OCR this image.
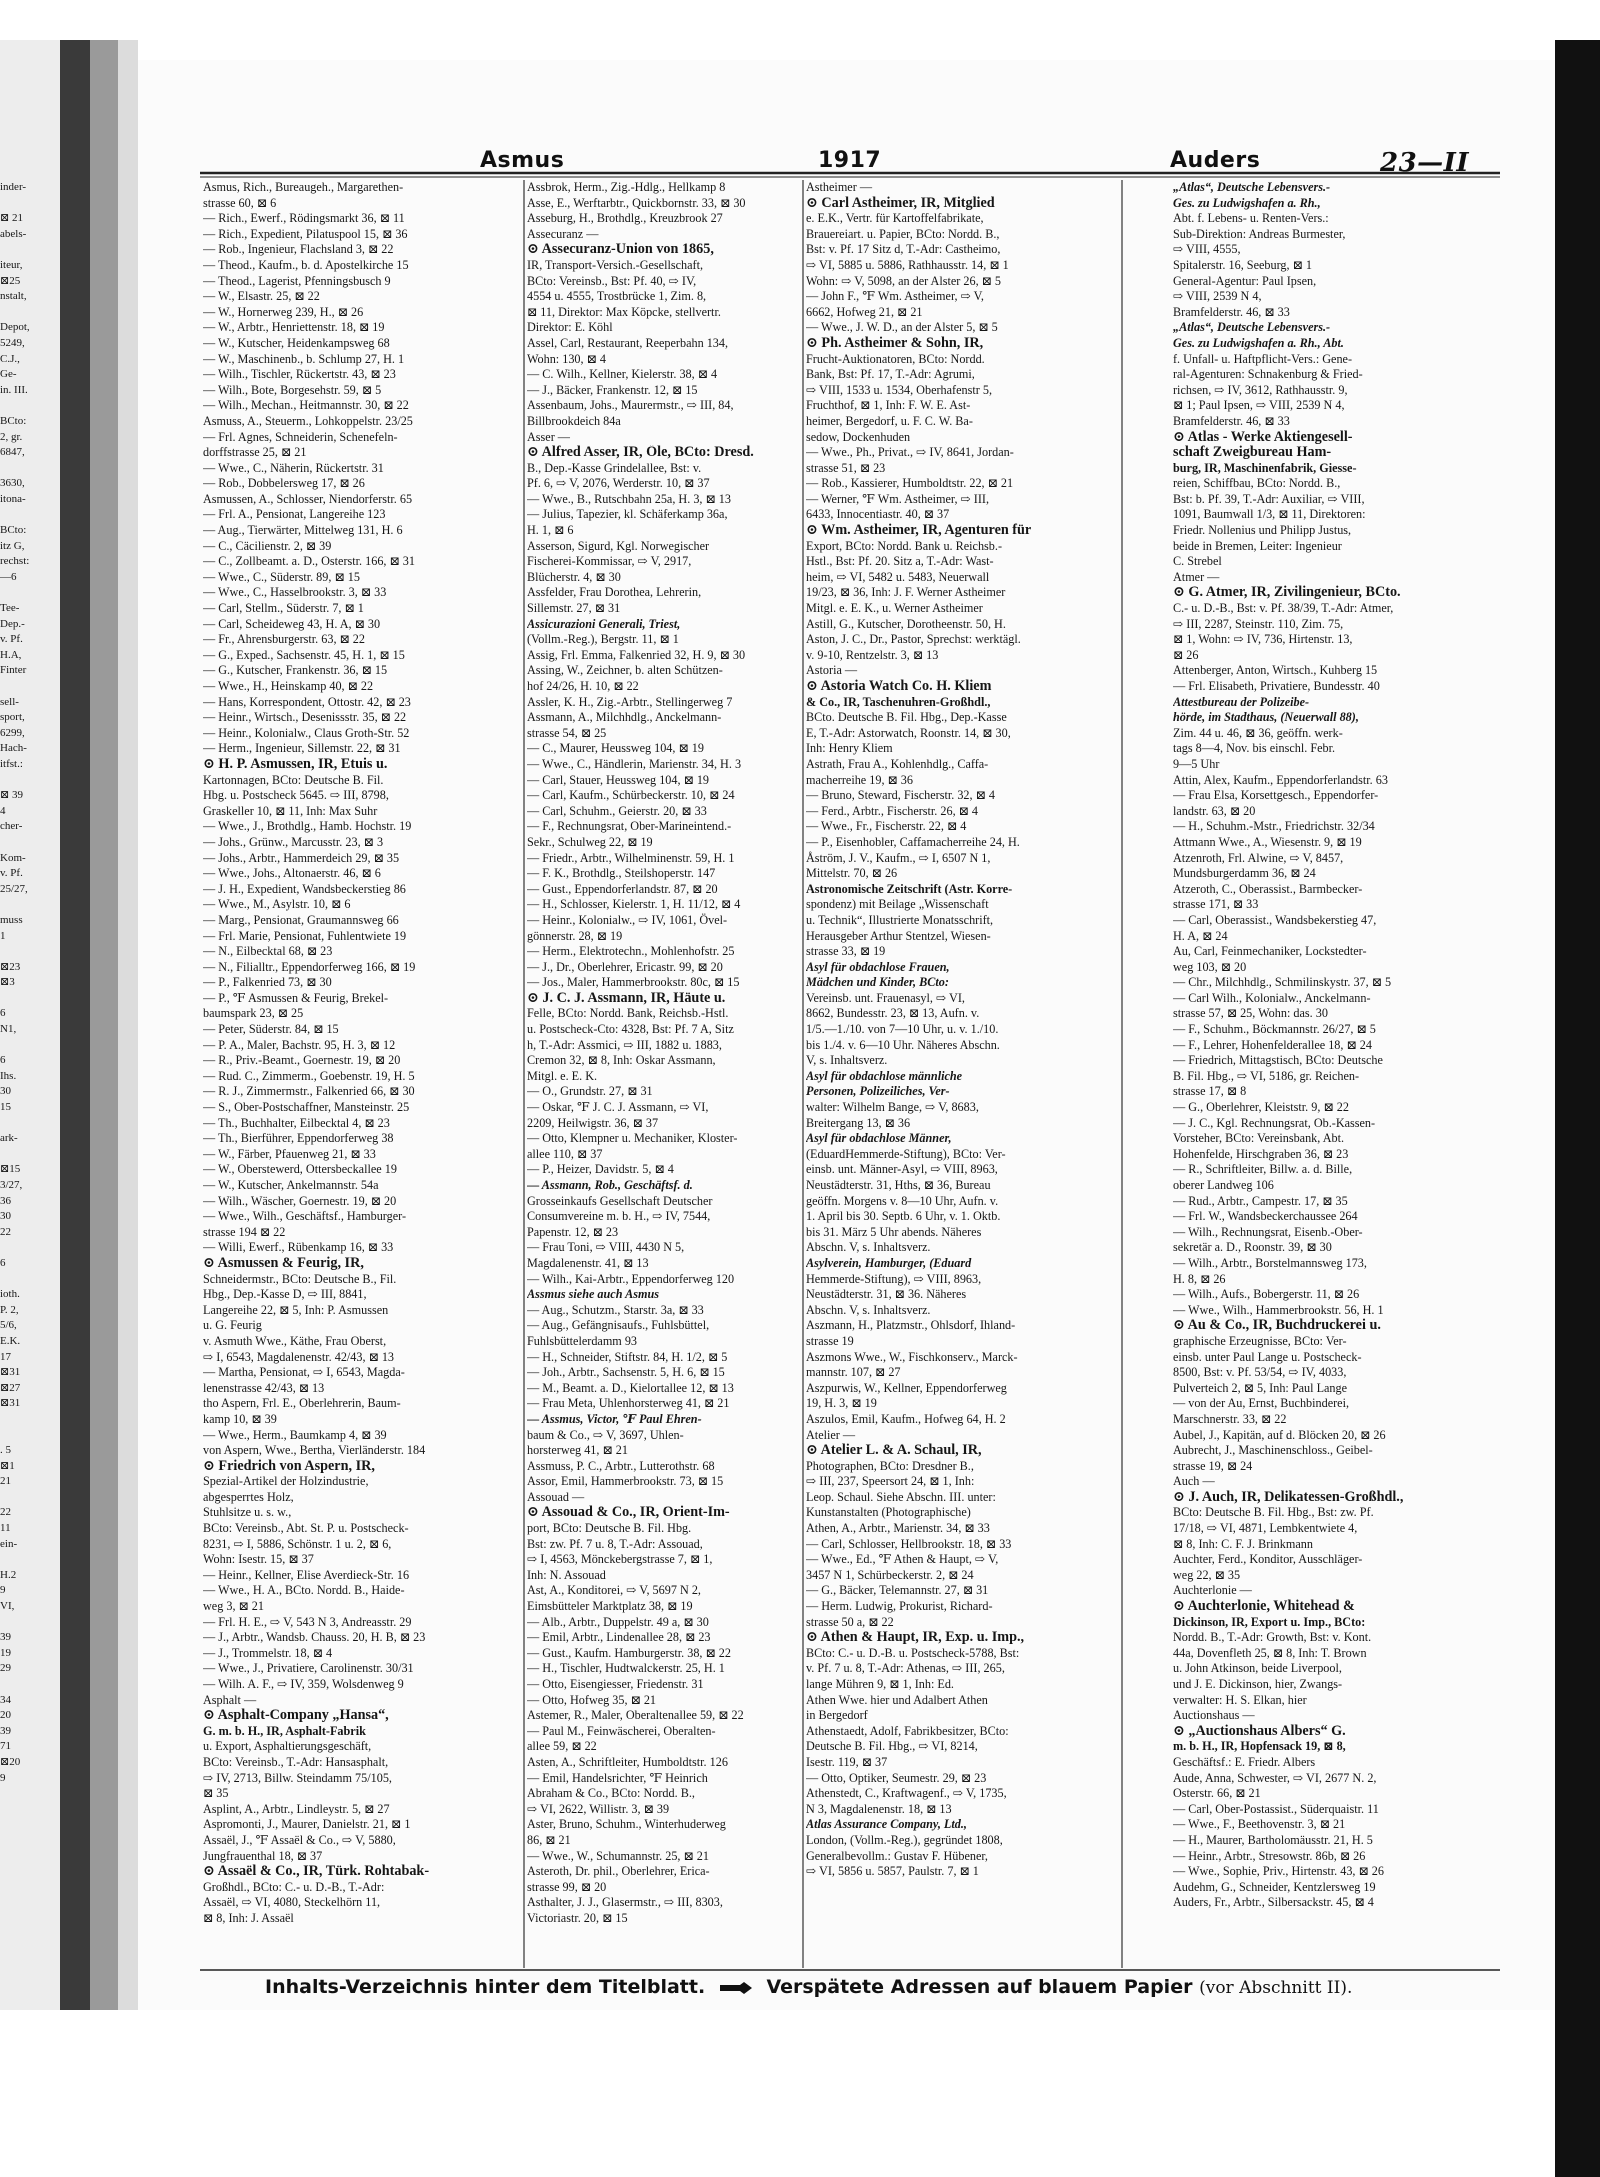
Asmus	1917	Auders	23—II
inder-

⊠ 21
abels-

iteur,
⊠25
nstalt,

Depot,
5249,
C.J.,
Ge-
in. III.

BCto:
2, gr.
6847,

3630,
itona-

BCto:
itz G,
rechst:
—6

Tee-
Dep.-
v. Pf.
H.A,
Finter

sell-
sport,
6299,
Hach-
itfst.:

⊠ 39
4
cher-

Kom-
v. Pf.
25/27,

muss
1

⊠23
⊠3

6
N1,

6
Ihs.
30
15

ark-

⊠15
3/27,
36
30
22

6

ioth.
P. 2,
5/6,
E.K.
17
⊠31
⊠27
⊠31

. 5
⊠1
21

22
11
ein-

H.2
9
VI,

39
19
29

34
20
39
71
⊠20
9
Asmus, Rich., Bureaugeh., Margarethen-
strasse 60, ⊠ 6
— Rich., Ewerf., Rödingsmarkt 36, ⊠ 11
— Rich., Expedient, Pilatuspool 15, ⊠ 36
— Rob., Ingenieur, Flachsland 3, ⊠ 22
— Theod., Kaufm., b. d. Apostelkirche 15
— Theod., Lagerist, Pfenningsbusch 9
— W., Elsastr. 25, ⊠ 22
— W., Hornerweg 239, H., ⊠ 26
— W., Arbtr., Henriettenstr. 18, ⊠ 19
— W., Kutscher, Heidenkampsweg 68
— W., Maschinenb., b. Schlump 27, H. 1
— Wilh., Tischler, Rückertstr. 43, ⊠ 23
— Wilh., Bote, Borgesehstr. 59, ⊠ 5
— Wilh., Mechan., Heitmannstr. 30, ⊠ 22
Asmuss, A., Steuerm., Lohkoppelstr. 23/25
— Frl. Agnes, Schneiderin, Schenefeln-
dorffstrasse 25, ⊠ 21
— Wwe., C., Näherin, Rückertstr. 31
— Rob., Dobbelersweg 17, ⊠ 26
Asmussen, A., Schlosser, Niendorferstr. 65
— Frl. A., Pensionat, Langereihe 123
— Aug., Tierwärter, Mittelweg 131, H. 6
— C., Cäcilienstr. 2, ⊠ 39
— C., Zollbeamt. a. D., Osterstr. 166, ⊠ 31
— Wwe., C., Süderstr. 89, ⊠ 15
— Wwe., C., Hasselbrookstr. 3, ⊠ 33
— Carl, Stellm., Süderstr. 7, ⊠ 1
— Carl, Scheideweg 43, H. A, ⊠ 30
— Fr., Ahrensburgerstr. 63, ⊠ 22
— G., Exped., Sachsenstr. 45, H. 1, ⊠ 15
— G., Kutscher, Frankenstr. 36, ⊠ 15
— Wwe., H., Heinskamp 40, ⊠ 22
— Hans, Korrespondent, Ottostr. 42, ⊠ 23
— Heinr., Wirtsch., Desenissstr. 35, ⊠ 22
— Heinr., Kolonialw., Claus Groth-Str. 52
— Herm., Ingenieur, Sillemstr. 22, ⊠ 31
⊙ H. P. Asmussen, IR, Etuis u.
Kartonnagen, BCto: Deutsche B. Fil.
Hbg. u. Postscheck 5645. ⇨ III, 8798,
Graskeller 10, ⊠ 11, Inh: Max Suhr
— Wwe., J., Brothdlg., Hamb. Hochstr. 19
— Johs., Grünw., Marcusstr. 23, ⊠ 3
— Johs., Arbtr., Hammerdeich 29, ⊠ 35
— Wwe., Johs., Altonaerstr. 46, ⊠ 6
— J. H., Expedient, Wandsbeckerstieg 86
— Wwe., M., Asylstr. 10, ⊠ 6
— Marg., Pensionat, Graumannsweg 66
— Frl. Marie, Pensionat, Fuhlentwiete 19
— N., Eilbecktal 68, ⊠ 23
— N., Filialltr., Eppendorferweg 166, ⊠ 19
— P., Falkenried 73, ⊠ 30
— P., ℉ Asmussen & Feurig, Brekel-
baumspark 23, ⊠ 25
— Peter, Süderstr. 84, ⊠ 15
— P. A., Maler, Bachstr. 95, H. 3, ⊠ 12
— R., Priv.-Beamt., Goernestr. 19, ⊠ 20
— Rud. C., Zimmerm., Goebenstr. 19, H. 5
— R. J., Zimmermstr., Falkenried 66, ⊠ 30
— S., Ober-Postschaffner, Mansteinstr. 25
— Th., Buchhalter, Eilbecktal 4, ⊠ 23
— Th., Bierführer, Eppendorferweg 38
— W., Färber, Pfauenweg 21, ⊠ 33
— W., Oberstewerd, Ottersbeckallee 19
— W., Kutscher, Ankelmannstr. 54a
— Wilh., Wäscher, Goernestr. 19, ⊠ 20
— Wwe., Wilh., Geschäftsf., Hamburger-
strasse 194 ⊠ 22
— Willi, Ewerf., Rübenkamp 16, ⊠ 33
⊙ Asmussen & Feurig, IR,
Schneidermstr., BCto: Deutsche B., Fil.
Hbg., Dep.-Kasse D, ⇨ III, 8841,
Langereihe 22, ⊠ 5, Inh: P. Asmussen
u. G. Feurig
v. Asmuth Wwe., Käthe, Frau Oberst,
⇨ I, 6543, Magdalenenstr. 42/43, ⊠ 13
— Martha, Pensionat, ⇨ I, 6543, Magda-
lenenstrasse 42/43, ⊠ 13
tho Aspern, Frl. E., Oberlehrerin, Baum-
kamp 10, ⊠ 39
— Wwe., Herm., Baumkamp 4, ⊠ 39
von Aspern, Wwe., Bertha, Vierländerstr. 184
⊙ Friedrich von Aspern, IR,
Spezial-Artikel der Holzindustrie,
abgesperrtes Holz,
Stuhlsitze u. s. w.,
BCto: Vereinsb., Abt. St. P. u. Postscheck-
8231, ⇨ I, 5886, Schönstr. 1 u. 2, ⊠ 6,
Wohn: Isestr. 15, ⊠ 37
— Heinr., Kellner, Elise Averdieck-Str. 16
— Wwe., H. A., BCto. Nordd. B., Haide-
weg 3, ⊠ 21
— Frl. H. E., ⇨ V, 543 N 3, Andreasstr. 29
— J., Arbtr., Wandsb. Chauss. 20, H. B, ⊠ 23
— J., Trommelstr. 18, ⊠ 4
— Wwe., J., Privatiere, Carolinenstr. 30/31
— Wilh. A. F., ⇨ IV, 359, Wolsdenweg 9
Asphalt —
⊙ Asphalt-Company „Hansa“,
G. m. b. H., IR, Asphalt-Fabrik
u. Export, Asphaltierungsgeschäft,
BCto: Vereinsb., T.-Adr: Hansasphalt,
⇨ IV, 2713, Billw. Steindamm 75/105,
⊠ 35
Asplint, A., Arbtr., Lindleystr. 5, ⊠ 27
Aspromonti, J., Maurer, Danielstr. 21, ⊠ 1
Assaël, J., ℉ Assaël & Co., ⇨ V, 5880,
Jungfrauenthal 18, ⊠ 37
⊙ Assaël & Co., IR, Türk. Rohtabak-
Großhdl., BCto: C.- u. D.-B., T.-Adr:
Assaël, ⇨ VI, 4080, Steckelhörn 11,
⊠ 8, Inh: J. Assaël
Assbrok, Herm., Zig.-Hdlg., Hellkamp 8
Asse, E., Werftarbtr., Quickbornstr. 33, ⊠ 30
Asseburg, H., Brothdlg., Kreuzbrook 27
Assecuranz —
⊙ Assecuranz-Union von 1865,
IR, Transport-Versich.-Gesellschaft,
BCto: Vereinsb., Bst: Pf. 40, ⇨ IV,
4554 u. 4555, Trostbrücke 1, Zim. 8,
⊠ 11, Direktor: Max Köpcke, stellvertr.
Direktor: E. Köhl
Assel, Carl, Restaurant, Reeperbahn 134,
Wohn: 130, ⊠ 4
— C. Wilh., Kellner, Kielerstr. 38, ⊠ 4
— J., Bäcker, Frankenstr. 12, ⊠ 15
Assenbaum, Johs., Maurermstr., ⇨ III, 84,
Billbrookdeich 84a
Asser —
⊙ Alfred Asser, IR, Öle, BCto: Dresd.
B., Dep.-Kasse Grindelallee, Bst: v.
Pf. 6, ⇨ V, 2076, Werderstr. 10, ⊠ 37
— Wwe., B., Rutschbahn 25a, H. 3, ⊠ 13
— Julius, Tapezier, kl. Schäferkamp 36a,
H. 1, ⊠ 6
Asserson, Sigurd, Kgl. Norwegischer
Fischerei-Kommissar, ⇨ V, 2917,
Blücherstr. 4, ⊠ 30
Assfelder, Frau Dorothea, Lehrerin,
Sillemstr. 27, ⊠ 31
Assicurazioni Generali, Triest,
(Vollm.-Reg.), Bergstr. 11, ⊠ 1
Assig, Frl. Emma, Falkenried 32, H. 9, ⊠ 30
Assing, W., Zeichner, b. alten Schützen-
hof 24/26, H. 10, ⊠ 22
Assler, K. H., Zig.-Arbtr., Stellingerweg 7
Assmann, A., Milchhdlg., Anckelmann-
strasse 54, ⊠ 25
— C., Maurer, Heussweg 104, ⊠ 19
— Wwe., C., Händlerin, Marienstr. 34, H. 3
— Carl, Stauer, Heussweg 104, ⊠ 19
— Carl, Kaufm., Schürbeckerstr. 10, ⊠ 24
— Carl, Schuhm., Geierstr. 20, ⊠ 33
— F., Rechnungsrat, Ober-Marineintend.-
Sekr., Schulweg 22, ⊠ 19
— Friedr., Arbtr., Wilhelminenstr. 59, H. 1
— F. K., Brothdlg., Steilshoperstr. 147
— Gust., Eppendorferlandstr. 87, ⊠ 20
— H., Schlosser, Kielerstr. 1, H. 11/12, ⊠ 4
— Heinr., Kolonialw., ⇨ IV, 1061, Övel-
gönnerstr. 28, ⊠ 19
— Herm., Elektrotechn., Mohlenhofstr. 25
— J., Dr., Oberlehrer, Ericastr. 99, ⊠ 20
— Jos., Maler, Hammerbrookstr. 80c, ⊠ 15
⊙ J. C. J. Assmann, IR, Häute u.
Felle, BCto: Nordd. Bank, Reichsb.-Hstl.
u. Postscheck-Cto: 4328, Bst: Pf. 7 A, Sitz
h, T.-Adr: Assmici, ⇨ III, 1882 u. 1883,
Cremon 32, ⊠ 8, Inh: Oskar Assmann,
Mitgl. e. E. K.
— O., Grundstr. 27, ⊠ 31
— Oskar, ℉ J. C. J. Assmann, ⇨ VI,
2209, Heilwigstr. 36, ⊠ 37
— Otto, Klempner u. Mechaniker, Kloster-
allee 110, ⊠ 37
— P., Heizer, Davidstr. 5, ⊠ 4
— Assmann, Rob., Geschäftsf. d.
Grosseinkaufs Gesellschaft Deutscher
Consumvereine m. b. H., ⇨ IV, 7544,
Papenstr. 12, ⊠ 23
— Frau Toni, ⇨ VIII, 4430 N 5,
Magdalenenstr. 41, ⊠ 13
— Wilh., Kai-Arbtr., Eppendorferweg 120
Assmus siehe auch Asmus
— Aug., Schutzm., Starstr. 3a, ⊠ 33
— Aug., Gefängnisaufs., Fuhlsbüttel,
Fuhlsbüttelerdamm 93
— H., Schneider, Stiftstr. 84, H. 1/2, ⊠ 5
— Joh., Arbtr., Sachsenstr. 5, H. 6, ⊠ 15
— M., Beamt. a. D., Kielortallee 12, ⊠ 13
— Frau Meta, Uhlenhorsterweg 41, ⊠ 21
— Assmus, Victor, ℉ Paul Ehren-
baum & Co., ⇨ V, 3697, Uhlen-
horsterweg 41, ⊠ 21
Assmuss, P. C., Arbtr., Lutterothstr. 68
Assor, Emil, Hammerbrookstr. 73, ⊠ 15
Assouad —
⊙ Assouad & Co., IR, Orient-Im-
port, BCto: Deutsche B. Fil. Hbg.
Bst: zw. Pf. 7 u. 8, T.-Adr: Assouad,
⇨ I, 4563, Mönckebergstrasse 7, ⊠ 1,
Inh: N. Assouad
Ast, A., Konditorei, ⇨ V, 5697 N 2,
Eimsbütteler Marktplatz 38, ⊠ 19
— Alb., Arbtr., Duppelstr. 49 a, ⊠ 30
— Emil, Arbtr., Lindenallee 28, ⊠ 23
— Gust., Kaufm. Hamburgerstr. 38, ⊠ 22
— H., Tischler, Hudtwalckerstr. 25, H. 1
— Otto, Eisengiesser, Friedenstr. 31
— Otto, Hofweg 35, ⊠ 21
Astemer, R., Maler, Oberaltenallee 59, ⊠ 22
— Paul M., Feinwäscherei, Oberalten-
allee 59, ⊠ 22
Asten, A., Schriftleiter, Humboldtstr. 126
— Emil, Handelsrichter, ℉ Heinrich
Abraham & Co., BCto: Nordd. B.,
⇨ VI, 2622, Willistr. 3, ⊠ 39
Aster, Bruno, Schuhm., Winterhuderweg
86, ⊠ 21
— Wwe., W., Schumannstr. 25, ⊠ 21
Asteroth, Dr. phil., Oberlehrer, Erica-
strasse 99, ⊠ 20
Asthalter, J. J., Glasermstr., ⇨ III, 8303,
Victoriastr. 20, ⊠ 15
Astheimer —
⊙ Carl Astheimer, IR, Mitglied
e. E.K., Vertr. für Kartoffelfabrikate,
Brauereiart. u. Papier, BCto: Nordd. B.,
Bst: v. Pf. 17 Sitz d, T.-Adr: Castheimo,
⇨ VI, 5885 u. 5886, Rathhausstr. 14, ⊠ 1
Wohn: ⇨ V, 5098, an der Alster 26, ⊠ 5
— John F., ℉ Wm. Astheimer, ⇨ V,
6662, Hofweg 21, ⊠ 21
— Wwe., J. W. D., an der Alster 5, ⊠ 5
⊙ Ph. Astheimer & Sohn, IR,
Frucht-Auktionatoren, BCto: Nordd.
Bank, Bst: Pf. 17, T.-Adr: Agrumi,
⇨ VIII, 1533 u. 1534, Oberhafenstr 5,
Fruchthof, ⊠ 1, Inh: F. W. E. Ast-
heimer, Bergedorf, u. F. C. W. Ba-
sedow, Dockenhuden
— Wwe., Ph., Privat., ⇨ IV, 8641, Jordan-
strasse 51, ⊠ 23
— Rob., Kassierer, Humboldtstr. 22, ⊠ 21
— Werner, ℉ Wm. Astheimer, ⇨ III,
6433, Innocentiastr. 40, ⊠ 37
⊙ Wm. Astheimer, IR, Agenturen für
Export, BCto: Nordd. Bank u. Reichsb.-
Hstl., Bst: Pf. 20. Sitz a, T.-Adr: Wast-
heim, ⇨ VI, 5482 u. 5483, Neuerwall
19/23, ⊠ 36, Inh: J. F. Werner Astheimer
Mitgl. e. E. K., u. Werner Astheimer
Astill, G., Kutscher, Dorotheenstr. 50, H.
Aston, J. C., Dr., Pastor, Sprechst: werktägl.
v. 9-10, Rentzelstr. 3, ⊠ 13
Astoria —
⊙ Astoria Watch Co. H. Kliem
& Co., IR, Taschenuhren-Großhdl.,
BCto. Deutsche B. Fil. Hbg., Dep.-Kasse
E, T.-Adr: Astorwatch, Roonstr. 14, ⊠ 30,
Inh: Henry Kliem
Astrath, Frau A., Kohlenhdlg., Caffa-
macherreihe 19, ⊠ 36
— Bruno, Steward, Fischerstr. 32, ⊠ 4
— Ferd., Arbtr., Fischerstr. 26, ⊠ 4
— Wwe., Fr., Fischerstr. 22, ⊠ 4
— P., Eisenhobler, Caffamacherreihe 24, H.
Åström, J. V., Kaufm., ⇨ I, 6507 N 1,
Mittelstr. 70, ⊠ 26
Astronomische Zeitschrift (Astr. Korre-
spondenz) mit Beilage „Wissenschaft
u. Technik“, Illustrierte Monatsschrift,
Herausgeber Arthur Stentzel, Wiesen-
strasse 33, ⊠ 19
Asyl für obdachlose Frauen,
Mädchen und Kinder, BCto:
Vereinsb. unt. Frauenasyl, ⇨ VI,
8662, Bundesstr. 23, ⊠ 13, Aufn. v.
1/5.—1./10. von 7—10 Uhr, u. v. 1./10.
bis 1./4. v. 6—10 Uhr. Näheres Abschn.
V, s. Inhaltsverz.
Asyl für obdachlose männliche
Personen, Polizeiliches, Ver-
walter: Wilhelm Bange, ⇨ V, 8683,
Breitergang 13, ⊠ 36
Asyl für obdachlose Männer,
(EduardHemmerde-Stiftung), BCto: Ver-
einsb. unt. Männer-Asyl, ⇨ VIII, 8963,
Neustädterstr. 31, Hths, ⊠ 36, Bureau
geöffn. Morgens v. 8—10 Uhr, Aufn. v.
1. April bis 30. Septb. 6 Uhr, v. 1. Oktb.
bis 31. März 5 Uhr abends. Näheres
Abschn. V, s. Inhaltsverz.
Asylverein, Hamburger, (Eduard
Hemmerde-Stiftung), ⇨ VIII, 8963,
Neustädterstr. 31, ⊠ 36. Näheres
Abschn. V, s. Inhaltsverz.
Aszmann, H., Platzmstr., Ohlsdorf, Ihland-
strasse 19
Aszmons Wwe., W., Fischkonserv., Marck-
mannstr. 107, ⊠ 27
Aszpurwis, W., Kellner, Eppendorferweg
19, H. 3, ⊠ 19
Aszulos, Emil, Kaufm., Hofweg 64, H. 2
Atelier —
⊙ Atelier L. & A. Schaul, IR,
Photographen, BCto: Dresdner B.,
⇨ III, 237, Speersort 24, ⊠ 1, Inh:
Leop. Schaul. Siehe Abschn. III. unter:
Kunstanstalten (Photographische)
Athen, A., Arbtr., Marienstr. 34, ⊠ 33
— Carl, Schlosser, Hellbrookstr. 18, ⊠ 33
— Wwe., Ed., ℉ Athen & Haupt, ⇨ V,
3457 N 1, Schürbeckerstr. 2, ⊠ 24
— G., Bäcker, Telemannstr. 27, ⊠ 31
— Herm. Ludwig, Prokurist, Richard-
strasse 50 a, ⊠ 22
⊙ Athen & Haupt, IR, Exp. u. Imp.,
BCto: C.- u. D.-B. u. Postscheck-5788, Bst:
v. Pf. 7 u. 8, T.-Adr: Athenas, ⇨ III, 265,
lange Mühren 9, ⊠ 1, Inh: Ed.
Athen Wwe. hier und Adalbert Athen
in Bergedorf
Athenstaedt, Adolf, Fabrikbesitzer, BCto:
Deutsche B. Fil. Hbg., ⇨ VI, 8214,
Isestr. 119, ⊠ 37
— Otto, Optiker, Seumestr. 29, ⊠ 23
Athenstedt, C., Kraftwagenf., ⇨ V, 1735,
N 3, Magdalenenstr. 18, ⊠ 13
Atlas Assurance Company, Ltd.,
London, (Vollm.-Reg.), gegründet 1808,
Generalbevollm.: Gustav F. Hübener,
⇨ VI, 5856 u. 5857, Paulstr. 7, ⊠ 1
„Atlas“, Deutsche Lebensvers.-
Ges. zu Ludwigshafen a. Rh.,
Abt. f. Lebens- u. Renten-Vers.:
Sub-Direktion: Andreas Burmester,
⇨ VIII, 4555,
Spitalerstr. 16, Seeburg, ⊠ 1
General-Agentur: Paul Ipsen,
⇨ VIII, 2539 N 4,
Bramfelderstr. 46, ⊠ 33
„Atlas“, Deutsche Lebensvers.-
Ges. zu Ludwigshafen a. Rh., Abt.
f. Unfall- u. Haftpflicht-Vers.: Gene-
ral-Agenturen: Schnakenburg & Fried-
richsen, ⇨ IV, 3612, Rathhausstr. 9,
⊠ 1; Paul Ipsen, ⇨ VIII, 2539 N 4,
Bramfelderstr. 46, ⊠ 33
⊙ Atlas - Werke Aktiengesell-
schaft Zweigbureau Ham-
burg, IR, Maschinenfabrik, Giesse-
reien, Schiffbau, BCto: Nordd. B.,
Bst: b. Pf. 39, T.-Adr: Auxiliar, ⇨ VIII,
1091, Baumwall 1/3, ⊠ 11, Direktoren:
Friedr. Nollenius und Philipp Justus,
beide in Bremen, Leiter: Ingenieur
C. Strebel
Atmer —
⊙ G. Atmer, IR, Zivilingenieur, BCto.
C.- u. D.-B., Bst: v. Pf. 38/39, T.-Adr: Atmer,
⇨ III, 2287, Steinstr. 110, Zim. 75,
⊠ 1, Wohn: ⇨ IV, 736, Hirtenstr. 13,
⊠ 26
Attenberger, Anton, Wirtsch., Kuhberg 15
— Frl. Elisabeth, Privatiere, Bundesstr. 40
Attestbureau der Polizeibe-
hörde, im Stadthaus, (Neuerwall 88),
Zim. 44 u. 46, ⊠ 36, geöffn. werk-
tags 8—4, Nov. bis einschl. Febr.
9—5 Uhr
Attin, Alex, Kaufm., Eppendorferlandstr. 63
— Frau Elsa, Korsettgesch., Eppendorfer-
landstr. 63, ⊠ 20
— H., Schuhm.-Mstr., Friedrichstr. 32/34
Attmann Wwe., A., Wiesenstr. 9, ⊠ 19
Atzenroth, Frl. Alwine, ⇨ V, 8457,
Mundsburgerdamm 36, ⊠ 24
Atzeroth, C., Oberassist., Barmbecker-
strasse 171, ⊠ 33
— Carl, Oberassist., Wandsbekerstieg 47,
H. A, ⊠ 24
Au, Carl, Feinmechaniker, Lockstedter-
weg 103, ⊠ 20
— Chr., Milchhdlg., Schmilinskystr. 37, ⊠ 5
— Carl Wilh., Kolonialw., Anckelmann-
strasse 57, ⊠ 25, Wohn: das. 30
— F., Schuhm., Böckmannstr. 26/27, ⊠ 5
— F., Lehrer, Hohenfelderallee 18, ⊠ 24
— Friedrich, Mittagstisch, BCto: Deutsche
B. Fil. Hbg., ⇨ VI, 5186, gr. Reichen-
strasse 17, ⊠ 8
— G., Oberlehrer, Kleiststr. 9, ⊠ 22
— J. C., Kgl. Rechnungsrat, Ob.-Kassen-
Vorsteher, BCto: Vereinsbank, Abt.
Hohenfelde, Hirschgraben 36, ⊠ 23
— R., Schriftleiter, Billw. a. d. Bille,
oberer Landweg 106
— Rud., Arbtr., Campestr. 17, ⊠ 35
— Frl. W., Wandsbeckerchaussee 264
— Wilh., Rechnungsrat, Eisenb.-Ober-
sekretär a. D., Roonstr. 39, ⊠ 30
— Wilh., Arbtr., Borstelmannsweg 173,
H. 8, ⊠ 26
— Wilh., Aufs., Bobergerstr. 11, ⊠ 26
— Wwe., Wilh., Hammerbrookstr. 56, H. 1
⊙ Au & Co., IR, Buchdruckerei u.
graphische Erzeugnisse, BCto: Ver-
einsb. unter Paul Lange u. Postscheck-
8500, Bst: v. Pf. 53/54, ⇨ IV, 4033,
Pulverteich 2, ⊠ 5, Inh: Paul Lange
— von der Au, Ernst, Buchbinderei,
Marschnerstr. 33, ⊠ 22
Aubel, J., Kapitän, auf d. Blöcken 20, ⊠ 26
Aubrecht, J., Maschinenschloss., Geibel-
strasse 19, ⊠ 24
Auch —
⊙ J. Auch, IR, Delikatessen-Großhdl.,
BCto: Deutsche B. Fil. Hbg., Bst: zw. Pf.
17/18, ⇨ VI, 4871, Lembkentwiete 4,
⊠ 8, Inh: C. F. J. Brinkmann
Auchter, Ferd., Konditor, Ausschläger-
weg 22, ⊠ 35
Auchterlonie —
⊙ Auchterlonie, Whitehead &
Dickinson, IR, Export u. Imp., BCto:
Nordd. B., T.-Adr: Growth, Bst: v. Kont.
44a, Dovenfleth 25, ⊠ 8, Inh: T. Brown
u. John Atkinson, beide Liverpool,
und J. E. Dickinson, hier, Zwangs-
verwalter: H. S. Elkan, hier
Auctionshaus —
⊙ „Auctionshaus Albers“ G.
m. b. H., IR, Hopfensack 19, ⊠ 8,
Geschäftsf.: E. Friedr. Albers
Aude, Anna, Schwester, ⇨ VI, 2677 N. 2,
Osterstr. 66, ⊠ 21
— Carl, Ober-Postassist., Süderquaistr. 11
— Wwe., F., Beethovenstr. 3, ⊠ 21
— H., Maurer, Bartholomäusstr. 21, H. 5
— Heinr., Arbtr., Stresowstr. 86b, ⊠ 26
— Wwe., Sophie, Priv., Hirtenstr. 43, ⊠ 26
Audehm, G., Schneider, Kentzlersweg 19
Auders, Fr., Arbtr., Silbersackstr. 45, ⊠ 4
Inhalts-Verzeichnis hinter dem Titelblatt.	Verspätete Adressen auf blauem Papier (vor Abschnitt II).
